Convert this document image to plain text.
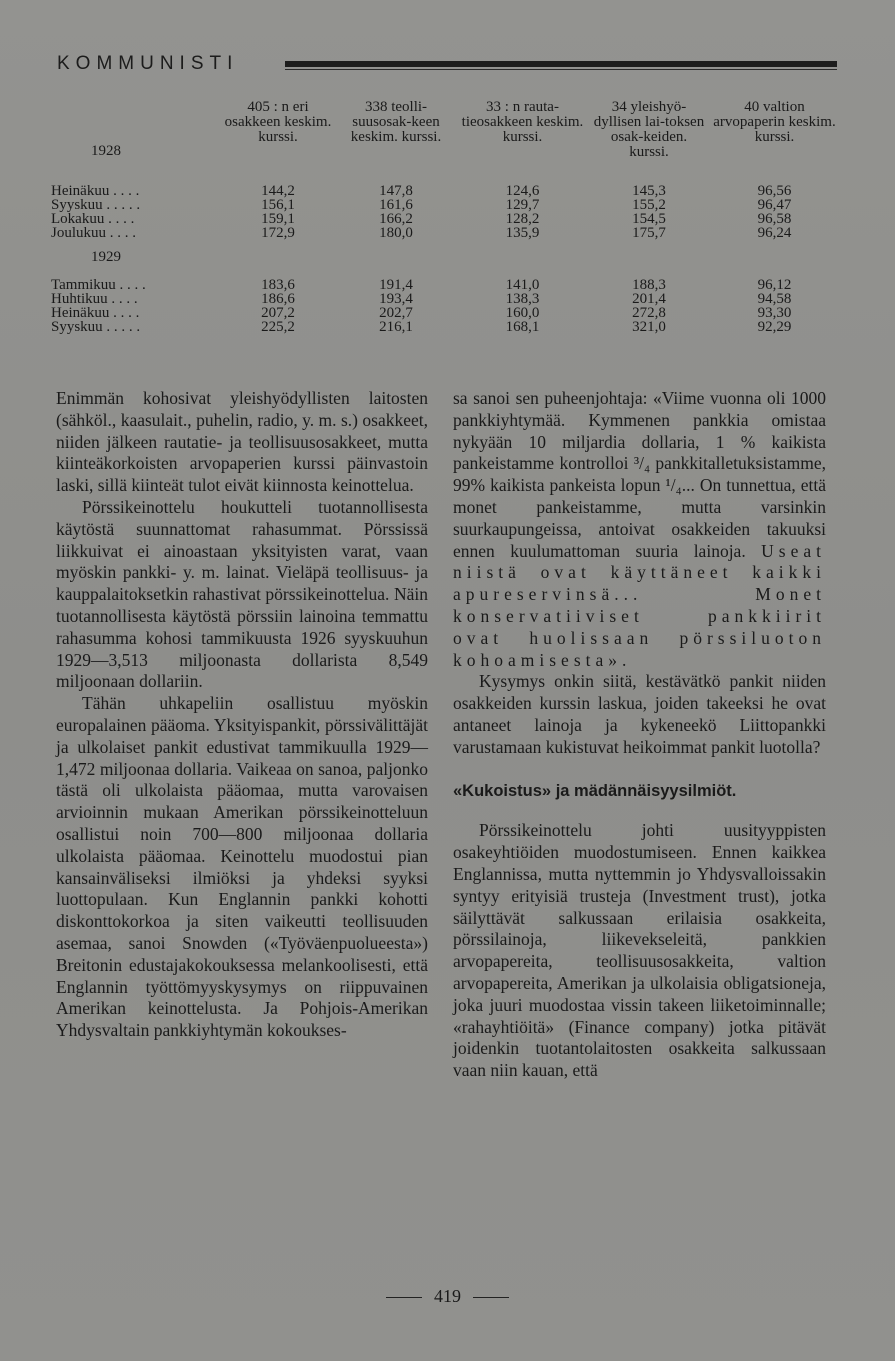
KOMMUNISTI
	405 : n eri osakkeen keskim. kurssi.	338 teolli-suusosak-keen keskim. kurssi.	33 : n rauta-tieosakkeen keskim. kurssi.	34 yleishyö-dyllisen lai-toksen osak-keiden. kurssi.	40 valtion arvopaperin keskim. kurssi.
1928					
Heinäkuu . . . .	144,2	147,8	124,6	145,3	96,56
Syyskuu . . . . .	156,1	161,6	129,7	155,2	96,47
Lokakuu . . . .	159,1	166,2	128,2	154,5	96,58
Joulukuu . . . .	172,9	180,0	135,9	175,7	96,24
1929					
Tammikuu . . . .	183,6	191,4	141,0	188,3	96,12
Huhtikuu . . . .	186,6	193,4	138,3	201,4	94,58
Heinäkuu . . . .	207,2	202,7	160,0	272,8	93,30
Syyskuu . . . . .	225,2	216,1	168,1	321,0	92,29

Enimmän kohosivat yleishyödyllisten laitosten (sähköl., kaasulait., puhelin, radio, y. m. s.) osakkeet, niiden jälkeen rautatie- ja teollisuusosakkeet, mutta kiinteäkorkoisten arvopaperien kurssi päinvastoin laski, sillä kiinteät tulot eivät kiinnosta keinottelua.

Pörssikeinottelu houkutteli tuotannollisesta käytöstä suunnattomat rahasummat. Pörssissä liikkuivat ei ainoastaan yksityisten varat, vaan myöskin pankki- y. m. lainat. Vieläpä teollisuus- ja kauppalaitoksetkin rahastivat pörssikeinottelua. Näin tuotannollisesta käytöstä pörssiin lainoina temmattu rahasumma kohosi tammikuusta 1926 syyskuuhun 1929—3,513 miljoonasta dollarista 8,549 miljoonaan dollariin.

Tähän uhkapeliin osallistuu myöskin europalainen pääoma. Yksityispankit, pörssivälittäjät ja ulkolaiset pankit edustivat tammikuulla 1929—1,472 miljoonaa dollaria. Vaikeaa on sanoa, paljonko tästä oli ulkolaista pääomaa, mutta varovaisen arvioinnin mukaan Amerikan pörssikeinotteluun osallistui noin 700—800 miljoonaa dollaria ulkolaista pääomaa. Keinottelu muodostui pian kansainväliseksi ilmiöksi ja yhdeksi syyksi luottopulaan. Kun Englannin pankki kohotti diskonttokorkoa ja siten vaikeutti teollisuuden asemaa, sanoi Snowden («Työväenpuolueesta») Breitonin edustajakokouksessa melankoolisesti, että Englannin työttömyyskysymys on riippuvainen Amerikan keinottelusta. Ja Pohjois-Amerikan Yhdysvaltain pankkiyhtymän kokoukses-

sa sanoi sen puheenjohtaja: «Viime vuonna oli 1000 pankkiyhtymää. Kymmenen pankkia omistaa nykyään 10 miljardia dollaria, 1 % kaikista pankeistamme kontrolloi ³/₄ pankkitalletuksistamme, 99% kaikista pankeista lopun ¹/₄... On tunnettua, että monet pankeistamme, mutta varsinkin suurkaupungeissa, antoivat osakkeiden takuuksi ennen kuulumattoman suuria lainoja. Useat niistä ovat käyttäneet kaikki apureservinsä... Monet konservatiiviset pankkiirit ovat huolissaan pörssiluoton kohoamisesta».

Kysymys onkin siitä, kestävätkö pankit niiden osakkeiden kurssin laskua, joiden takeeksi he ovat antaneet lainoja ja kykeneekö Liittopankki varustamaan kukistuvat heikoimmat pankit luotolla?

«Kukoistus» ja mädännäisyysilmiöt.

Pörssikeinottelu johti uusityyppisten osakeyhtiöiden muodostumiseen. Ennen kaikkea Englannissa, mutta nyttemmin jo Yhdysvalloissakin syntyy erityisiä trusteja (Investment trust), jotka säilyttävät salkussaan erilaisia osakkeita, pörssilainoja, liikevekseleitä, pankkien arvopapereita, teollisuusosakkeita, valtion arvopapereita, Amerikan ja ulkolaisia obligatsioneja, joka juuri muodostaa vissin takeen liiketoiminnalle; «rahayhtiöitä» (Finance company) jotka pitävät joidenkin tuotantolaitosten osakkeita salkussaan vaan niin kauan, että

419
